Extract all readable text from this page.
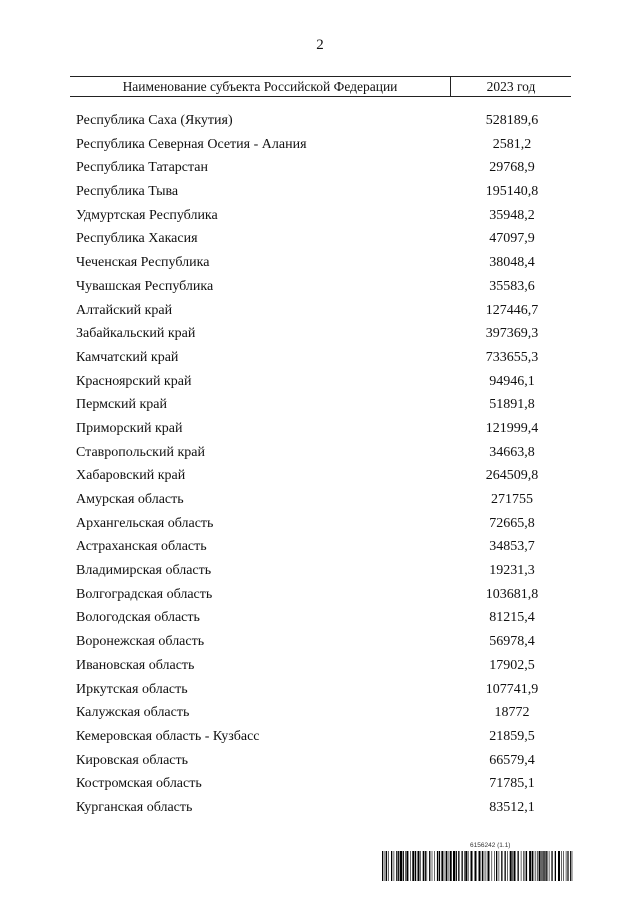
2
Наименование субъекта Российской Федерации	2023 год
Республика Саха (Якутия)	528189,6
Республика Северная Осетия - Алания	2581,2
Республика Татарстан	29768,9
Республика Тыва	195140,8
Удмуртская Республика	35948,2
Республика Хакасия	47097,9
Чеченская Республика	38048,4
Чувашская Республика	35583,6
Алтайский край	127446,7
Забайкальский край	397369,3
Камчатский край	733655,3
Красноярский край	94946,1
Пермский край	51891,8
Приморский край	121999,4
Ставропольский край	34663,8
Хабаровский край	264509,8
Амурская область	271755
Архангельская область	72665,8
Астраханская область	34853,7
Владимирская область	19231,3
Волгоградская область	103681,8
Вологодская область	81215,4
Воронежская область	56978,4
Ивановская область	17902,5
Иркутская область	107741,9
Калужская область	18772
Кемеровская область - Кузбасс	21859,5
Кировская область	66579,4
Костромская область	71785,1
Курганская область	83512,1
6156242 (1.1)
